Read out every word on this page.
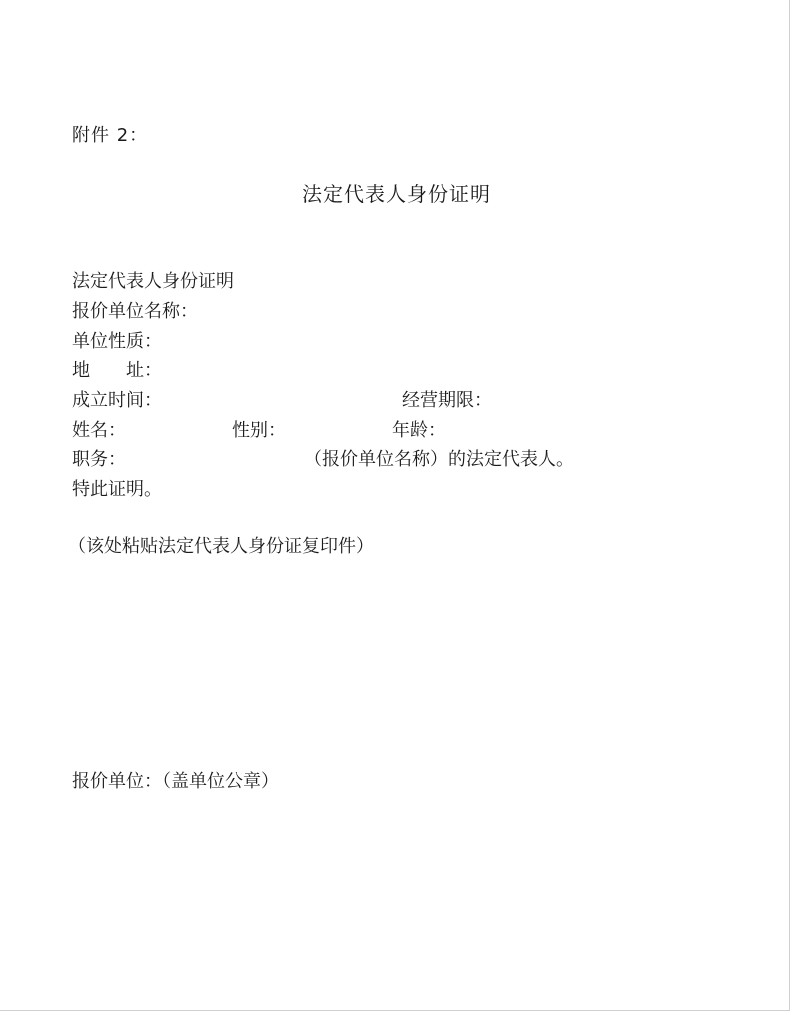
附件 2：
法定代表人身份证明
法定代表人身份证明
报价单位名称：
单位性质：
地　　址：
成立时间：	经营期限：
姓名：	性别：	年龄：
职务：	（报价单位名称）的法定代表人。
特此证明。
（该处粘贴法定代表人身份证复印件）
报价单位：（盖单位公章）
